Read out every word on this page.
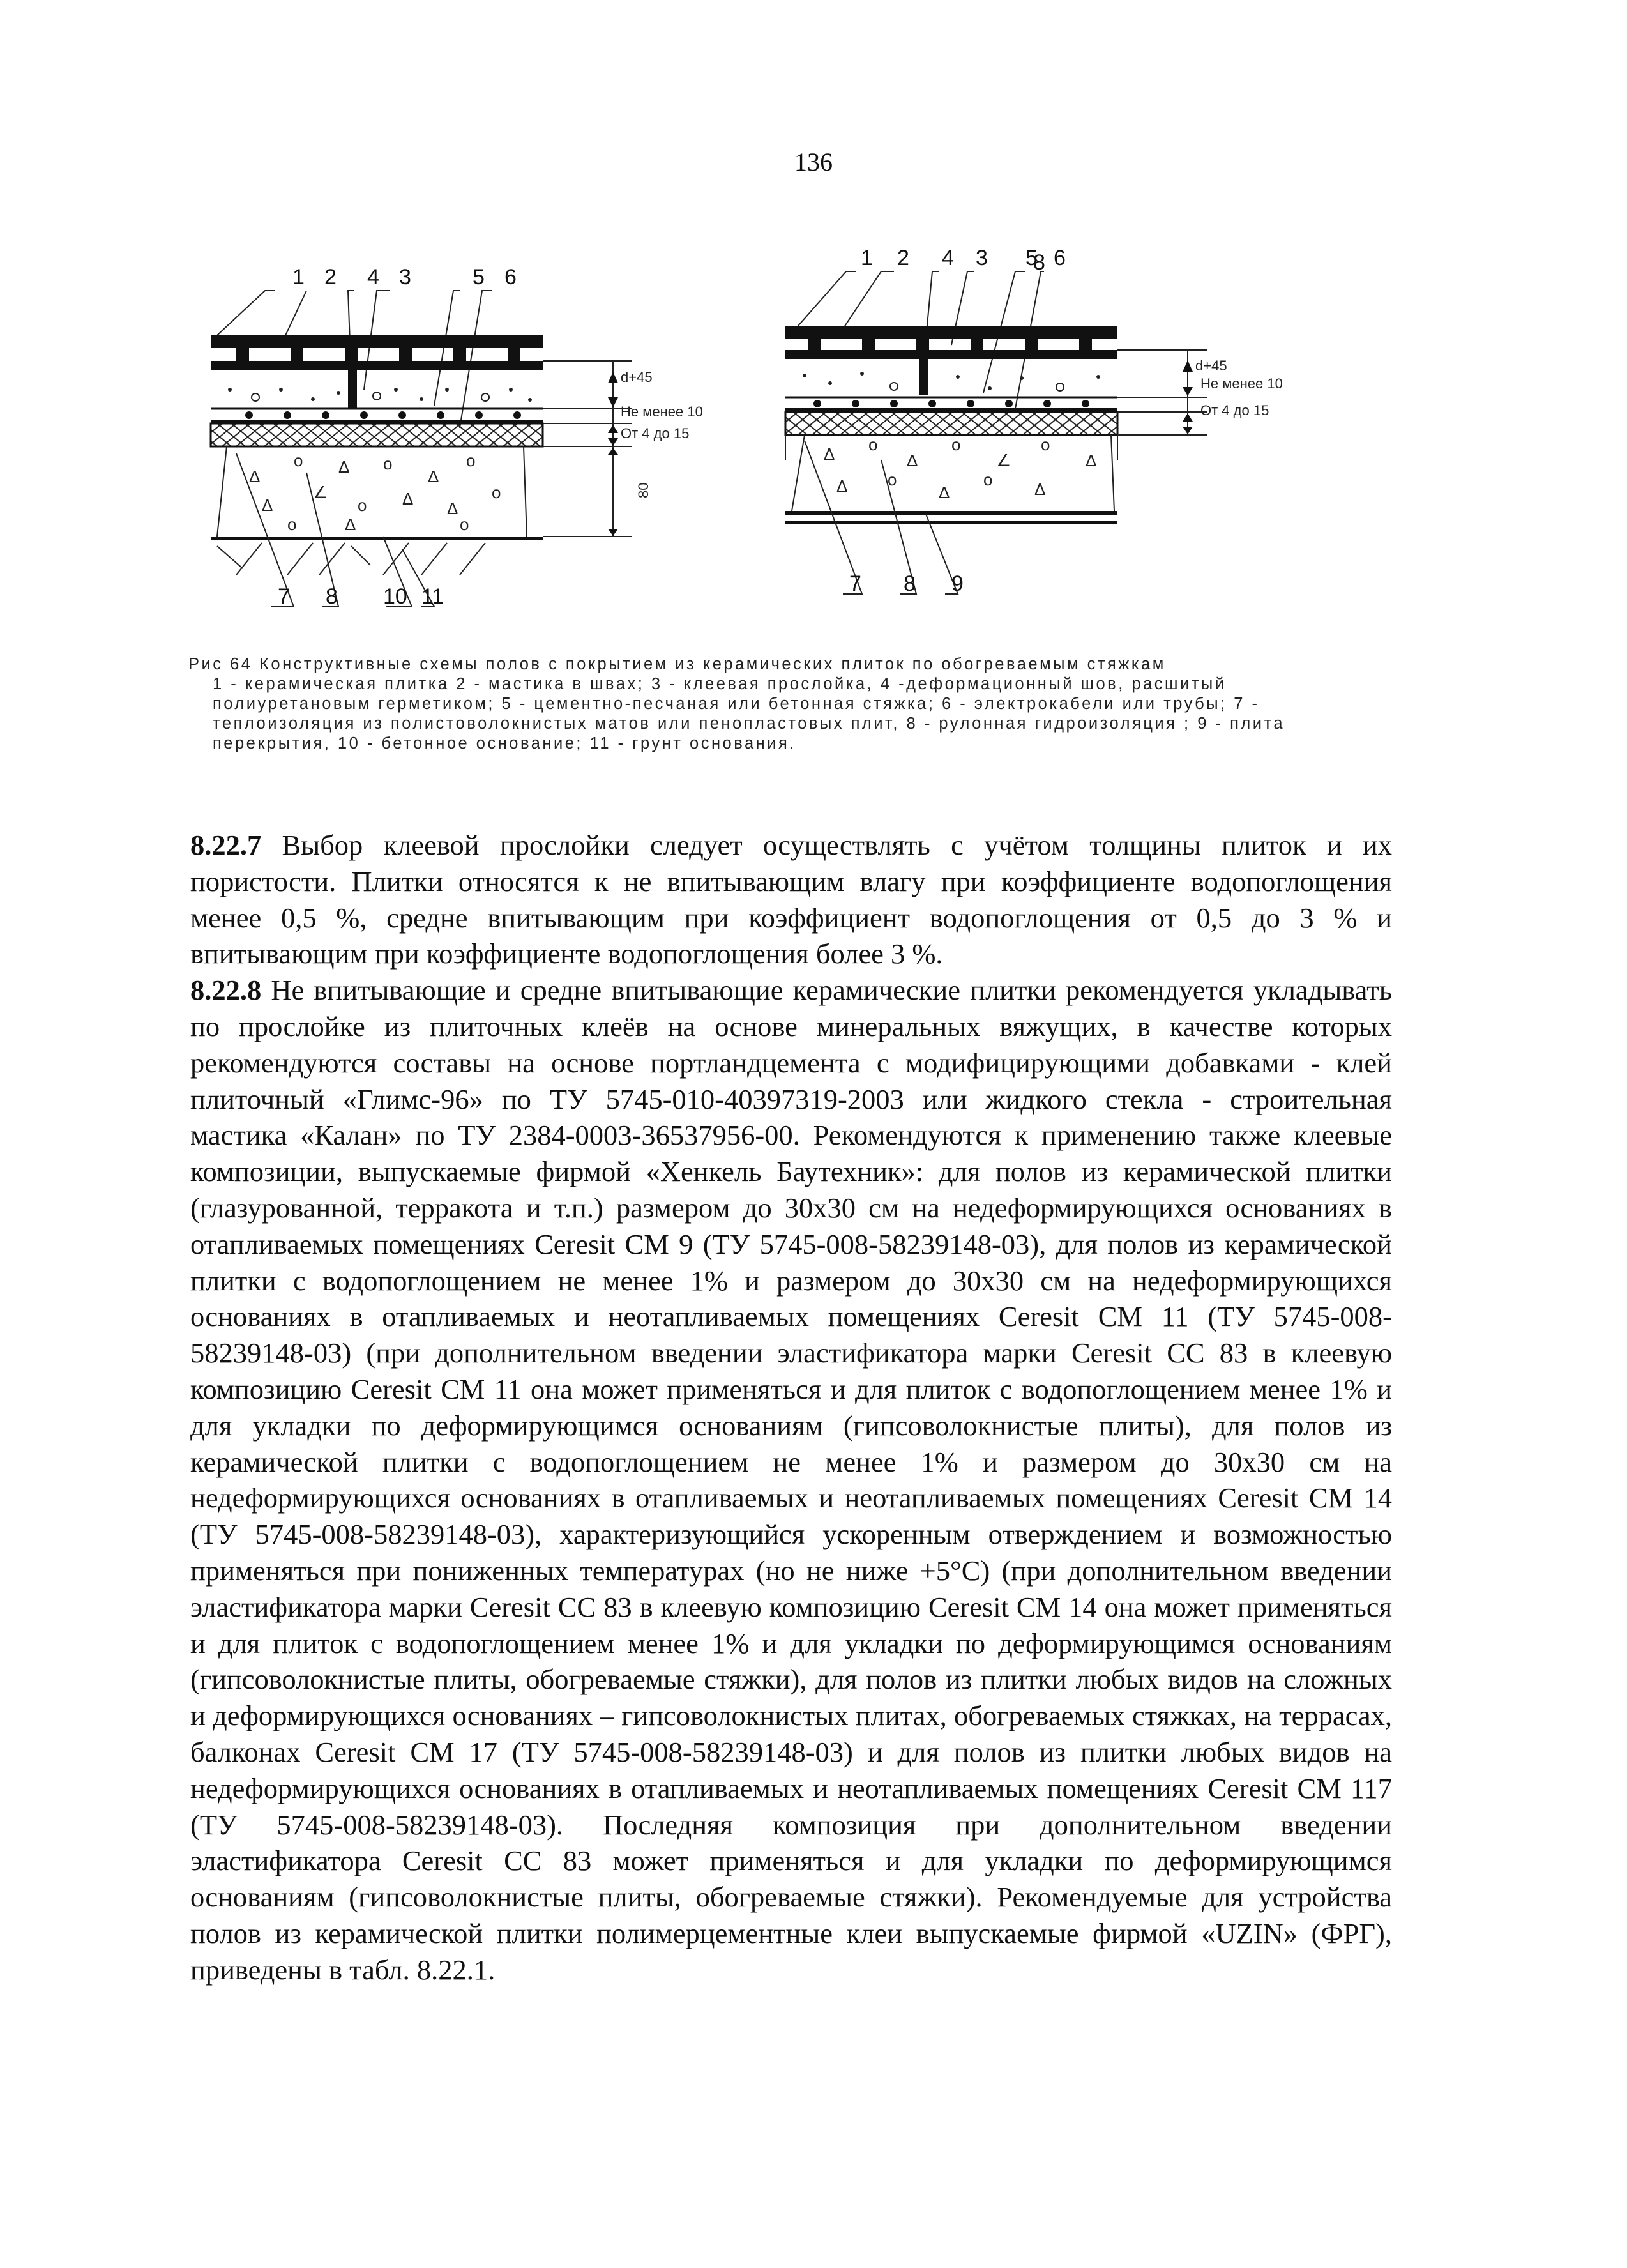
136
Δ
o Δ o
Δ
o
Δ
∠
o Δ Δ
o
o	Δ	o
1 2 4 3	5 6
7 8 10 11
d+45
Не менее 10
От 4 до 15
80
Δ o
Δ
o
∠
o
Δ
Δ o
Δ
o	Δ
1 2 4 3 5
8 6
7 8 9
d+45
Не менее 10
От 4 до 15

Рис 64 Конструктивные схемы полов с покрытием из керамических плиток по обогреваемым стяжкам

1 - керамическая плитка 2 - мастика в швах; 3 - клеевая прослойка, 4 -деформационный шов, расшитый полиуретановым герметиком; 5 - цементно-песчаная или бетонная стяжка; 6 - электрокабели или трубы; 7 - теплоизоляция из полистоволокнистых матов или пенопластовых плит, 8 - рулонная гидроизоляция ; 9 - плита перекрытия, 10 - бетонное основание; 11 - грунт основания.

8.22.7 Выбор клеевой прослойки следует осуществлять с учётом толщины плиток и их пористости. Плитки относятся к не впитывающим влагу при коэффициенте водопоглощения менее 0,5 %, средне впитывающим при коэффициент водопоглощения от 0,5 до 3 % и впитывающим при коэффициенте водопоглощения более 3 %.

8.22.8 Не впитывающие и средне впитывающие керамические плитки рекомендуется укладывать по прослойке из плиточных клеёв на основе минеральных вяжущих, в качестве которых рекомендуются составы на основе портландцемента с модифицирующими добавками - клей плиточный «Глимс-96» по ТУ 5745-010-40397319-2003 или жидкого стекла - строительная мастика «Калан» по ТУ 2384-0003-36537956-00. Рекомендуются к применению также клеевые композиции, выпускаемые фирмой «Хенкель Баутехник»: для полов из керамической плитки (глазурованной, терракота и т.п.) размером до 30х30 см на недеформирующихся основаниях в отапливаемых помещениях Ceresit CM 9 (ТУ 5745-008-58239148-03), для полов из керамической плитки с водопоглощением не менее 1% и размером до 30х30 см на недеформирующихся основаниях в отапливаемых и неотапливаемых помещениях Ceresit CM 11 (ТУ 5745-008-58239148-03) (при дополнительном введении эластификатора марки Ceresit CC 83 в клеевую композицию Ceresit CM 11 она может применяться и для плиток с водопоглощением менее 1% и для укладки по деформирующимся основаниям (гипсоволокнистые плиты), для полов из керамической плитки с водопоглощением не менее 1% и размером до 30х30 см на недеформирующихся основаниях в отапливаемых и неотапливаемых помещениях Ceresit CM 14 (ТУ 5745-008-58239148-03), характеризующийся ускоренным отверждением и возможностью применяться при пониженных температурах (но не ниже +5°С) (при дополнительном введении эластификатора марки Ceresit CC 83 в клеевую композицию Ceresit CM 14 она может применяться и для плиток с водопоглощением менее 1% и для укладки по деформирующимся основаниям (гипсоволокнистые плиты, обогреваемые стяжки), для полов из плитки любых видов на сложных и деформирующихся основаниях – гипсоволокнистых плитах, обогреваемых стяжках, на террасах, балконах Ceresit CM 17 (ТУ 5745-008-58239148-03) и для полов из плитки любых видов на недеформирующихся основаниях в отапливаемых и неотапливаемых помещениях Ceresit CM 117 (ТУ 5745-008-58239148-03). Последняя композиция при дополнительном введении эластификатора Ceresit CC 83 может применяться и для укладки по деформирующимся основаниям (гипсоволокнистые плиты, обогреваемые стяжки). Рекомендуемые для устройства полов из керамической плитки полимерцементные клеи выпускаемые фирмой «UZIN» (ФРГ), приведены в табл. 8.22.1.
